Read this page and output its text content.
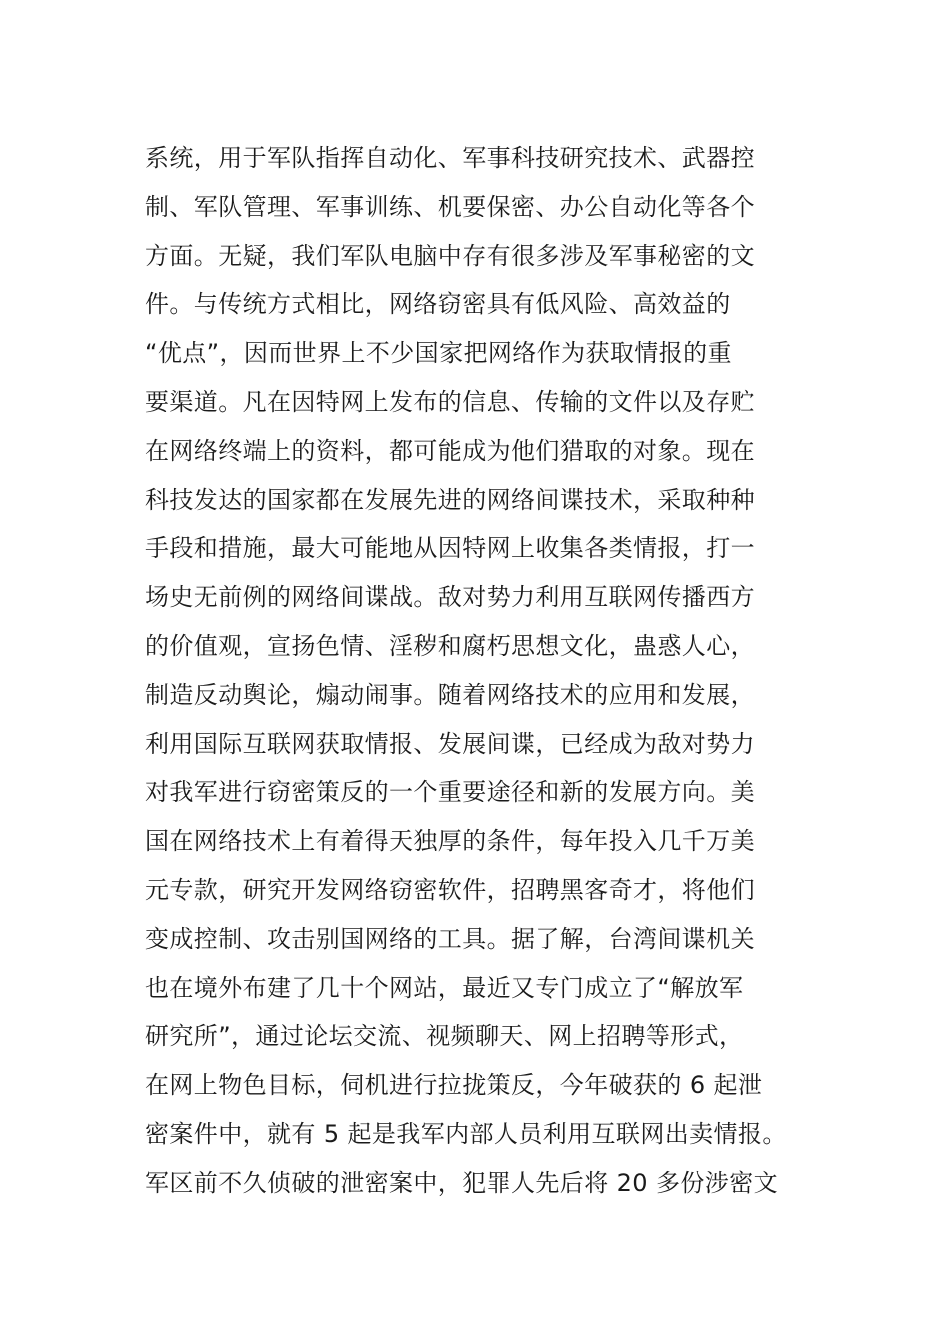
系统，用于军队指挥自动化、军事科技研究技术、武器控
制、军队管理、军事训练、机要保密、办公自动化等各个
方面。无疑，我们军队电脑中存有很多涉及军事秘密的文
件。与传统方式相比，网络窃密具有低风险、高效益的
“优点”，因而世界上不少国家把网络作为获取情报的重
要渠道。凡在因特网上发布的信息、传输的文件以及存贮
在网络终端上的资料，都可能成为他们猎取的对象。现在
科技发达的国家都在发展先进的网络间谍技术，采取种种
手段和措施，最大可能地从因特网上收集各类情报，打一
场史无前例的网络间谍战。敌对势力利用互联网传播西方
的价值观，宣扬色情、淫秽和腐朽思想文化，蛊惑人心，
制造反动舆论，煽动闹事。随着网络技术的应用和发展，
利用国际互联网获取情报、发展间谍，已经成为敌对势力
对我军进行窃密策反的一个重要途径和新的发展方向。美
国在网络技术上有着得天独厚的条件，每年投入几千万美
元专款，研究开发网络窃密软件，招聘黑客奇才，将他们
变成控制、攻击别国网络的工具。据了解，台湾间谍机关
也在境外布建了几十个网站，最近又专门成立了“解放军
研究所”，通过论坛交流、视频聊天、网上招聘等形式，
在网上物色目标，伺机进行拉拢策反，今年破获的 6 起泄
密案件中，就有 5 起是我军内部人员利用互联网出卖情报。
军区前不久侦破的泄密案中，犯罪人先后将 20 多份涉密文
